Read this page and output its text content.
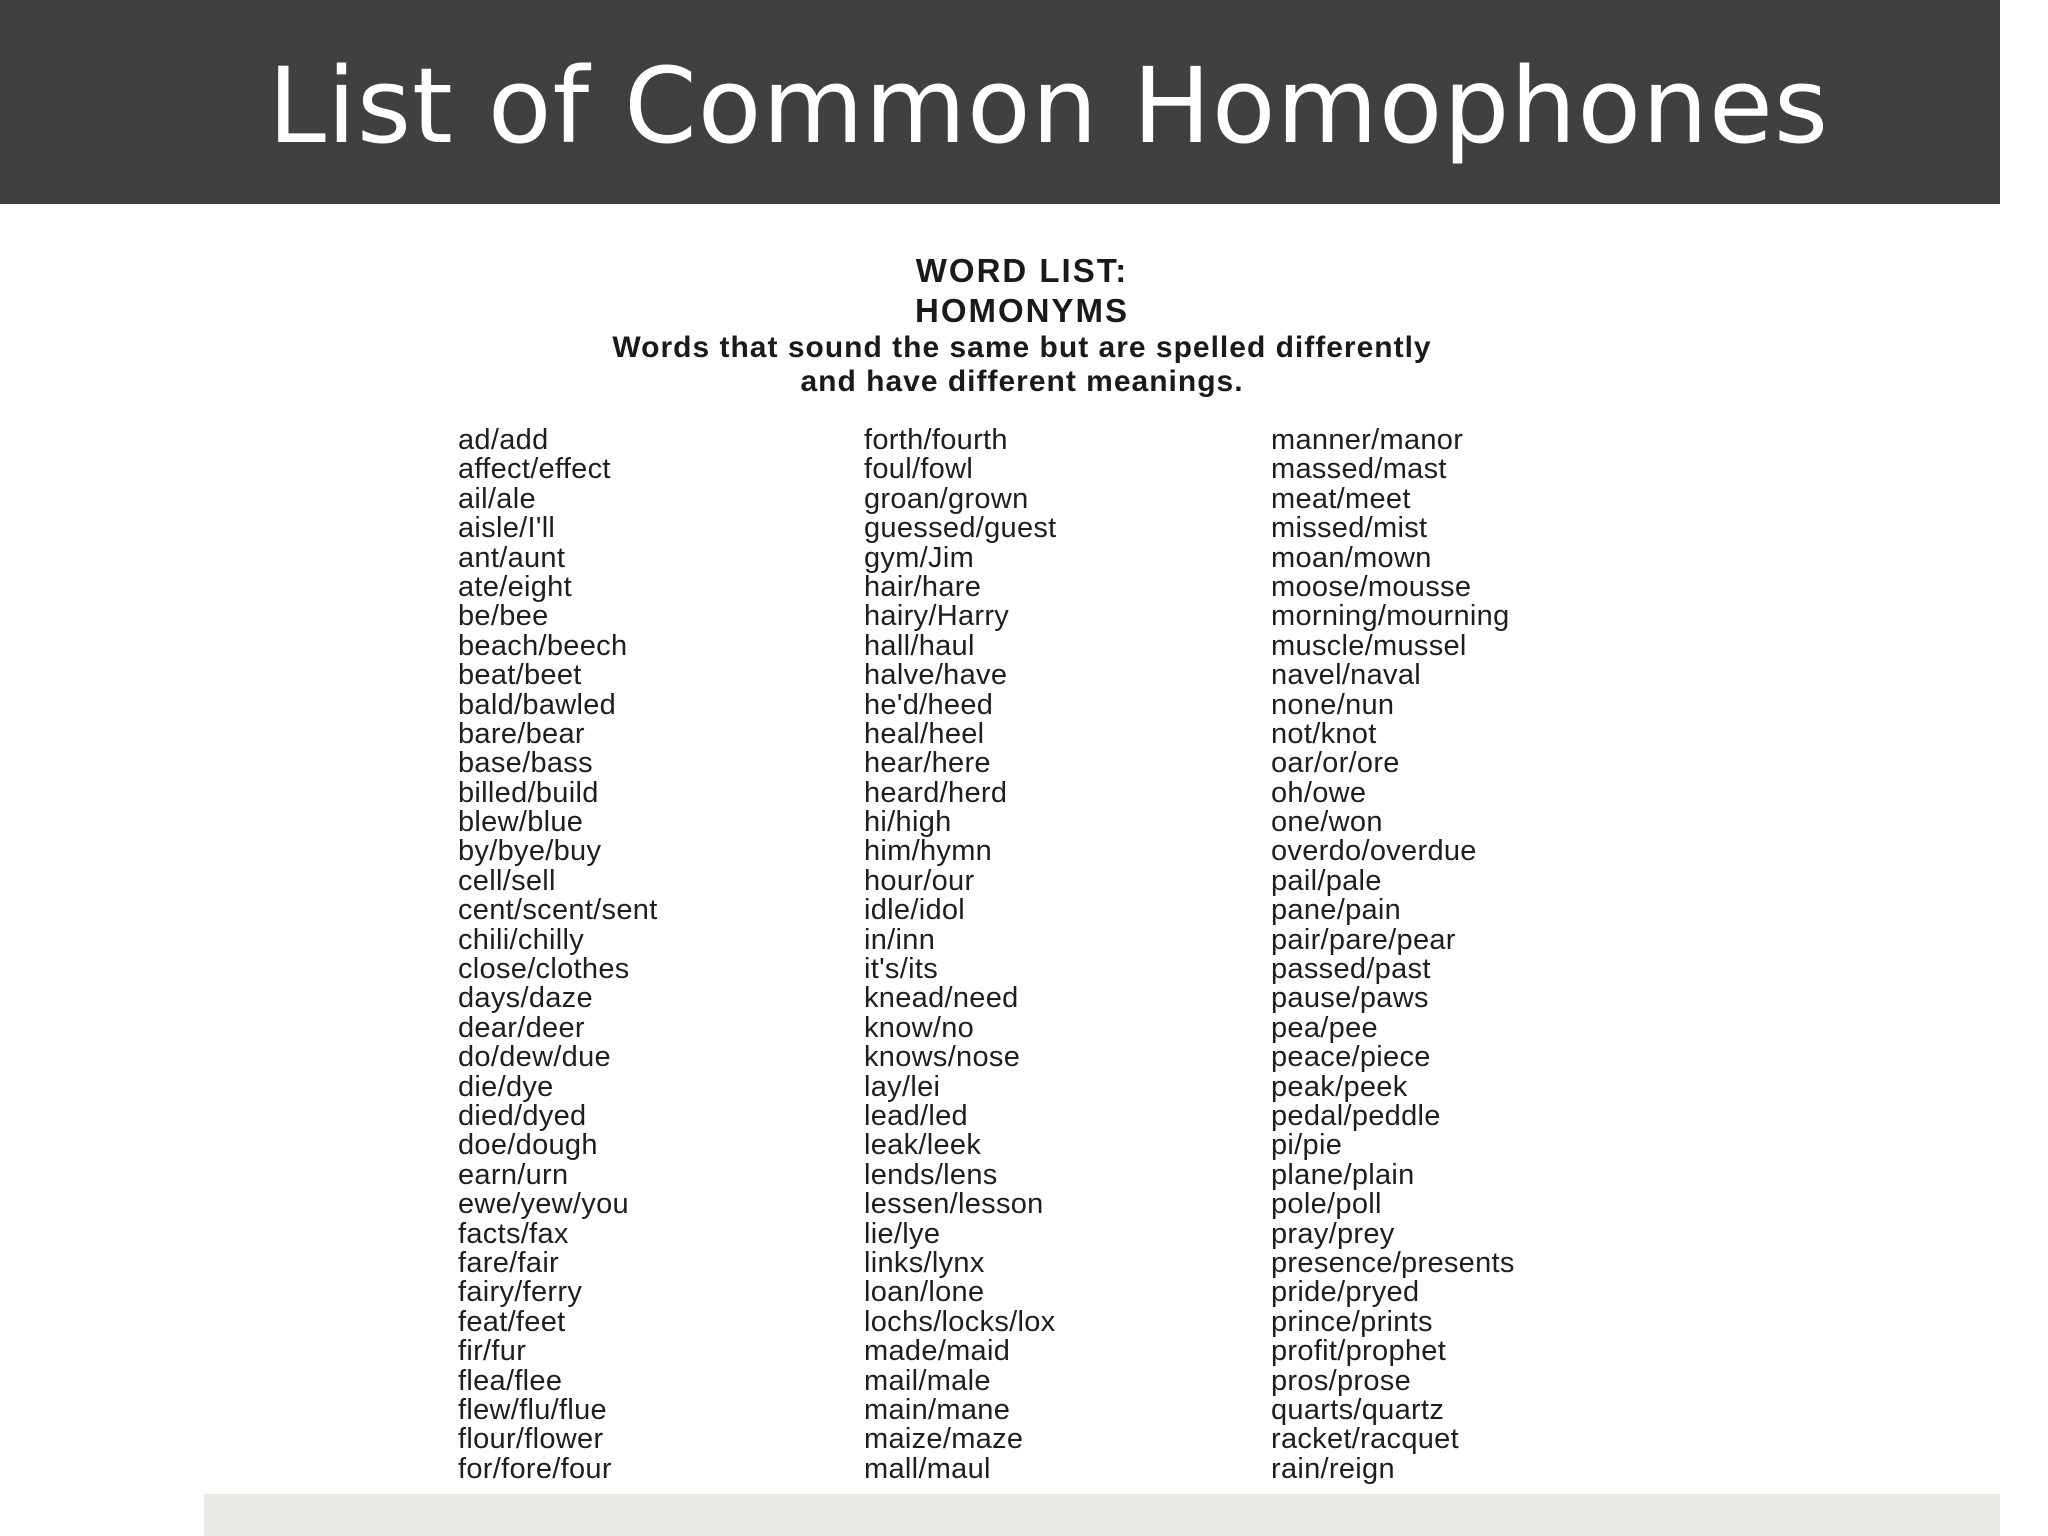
List of Common Homophones
WORD LIST:
HOMONYMS
Words that sound the same but are spelled differently
and have different meanings.
ad/add
affect/effect
ail/ale
aisle/I'll
ant/aunt
ate/eight
be/bee
beach/beech
beat/beet
bald/bawled
bare/bear
base/bass
billed/build
blew/blue
by/bye/buy
cell/sell
cent/scent/sent
chili/chilly
close/clothes
days/daze
dear/deer
do/dew/due
die/dye
died/dyed
doe/dough
earn/urn
ewe/yew/you
facts/fax
fare/fair
fairy/ferry
feat/feet
fir/fur
flea/flee
flew/flu/flue
flour/flower
for/fore/four
forth/fourth
foul/fowl
groan/grown
guessed/guest
gym/Jim
hair/hare
hairy/Harry
hall/haul
halve/have
he'd/heed
heal/heel
hear/here
heard/herd
hi/high
him/hymn
hour/our
idle/idol
in/inn
it's/its
knead/need
know/no
knows/nose
lay/lei
lead/led
leak/leek
lends/lens
lessen/lesson
lie/lye
links/lynx
loan/lone
lochs/locks/lox
made/maid
mail/male
main/mane
maize/maze
mall/maul
manner/manor
massed/mast
meat/meet
missed/mist
moan/mown
moose/mousse
morning/mourning
muscle/mussel
navel/naval
none/nun
not/knot
oar/or/ore
oh/owe
one/won
overdo/overdue
pail/pale
pane/pain
pair/pare/pear
passed/past
pause/paws
pea/pee
peace/piece
peak/peek
pedal/peddle
pi/pie
plane/plain
pole/poll
pray/prey
presence/presents
pride/pryed
prince/prints
profit/prophet
pros/prose
quarts/quartz
racket/racquet
rain/reign
